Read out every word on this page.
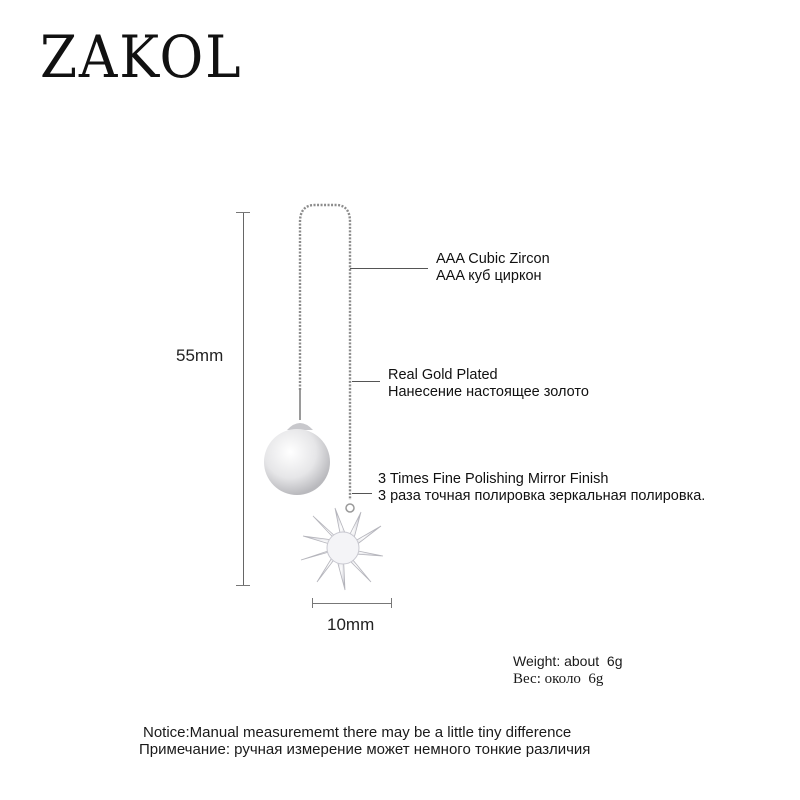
ZAKOL
55mm
10mm
AAA Cubic Zircon
AAA куб циркон
Real Gold Plated
Нанесение настоящее золото
3 Times Fine Polishing Mirror Finish
3 раза точная полировка зеркальная полировка.
Weight: about  6g
Вес: около  6g
Notice:Manual measurememt there may be a little tiny difference
Примечание: ручная измерение может немного тонкие различия
